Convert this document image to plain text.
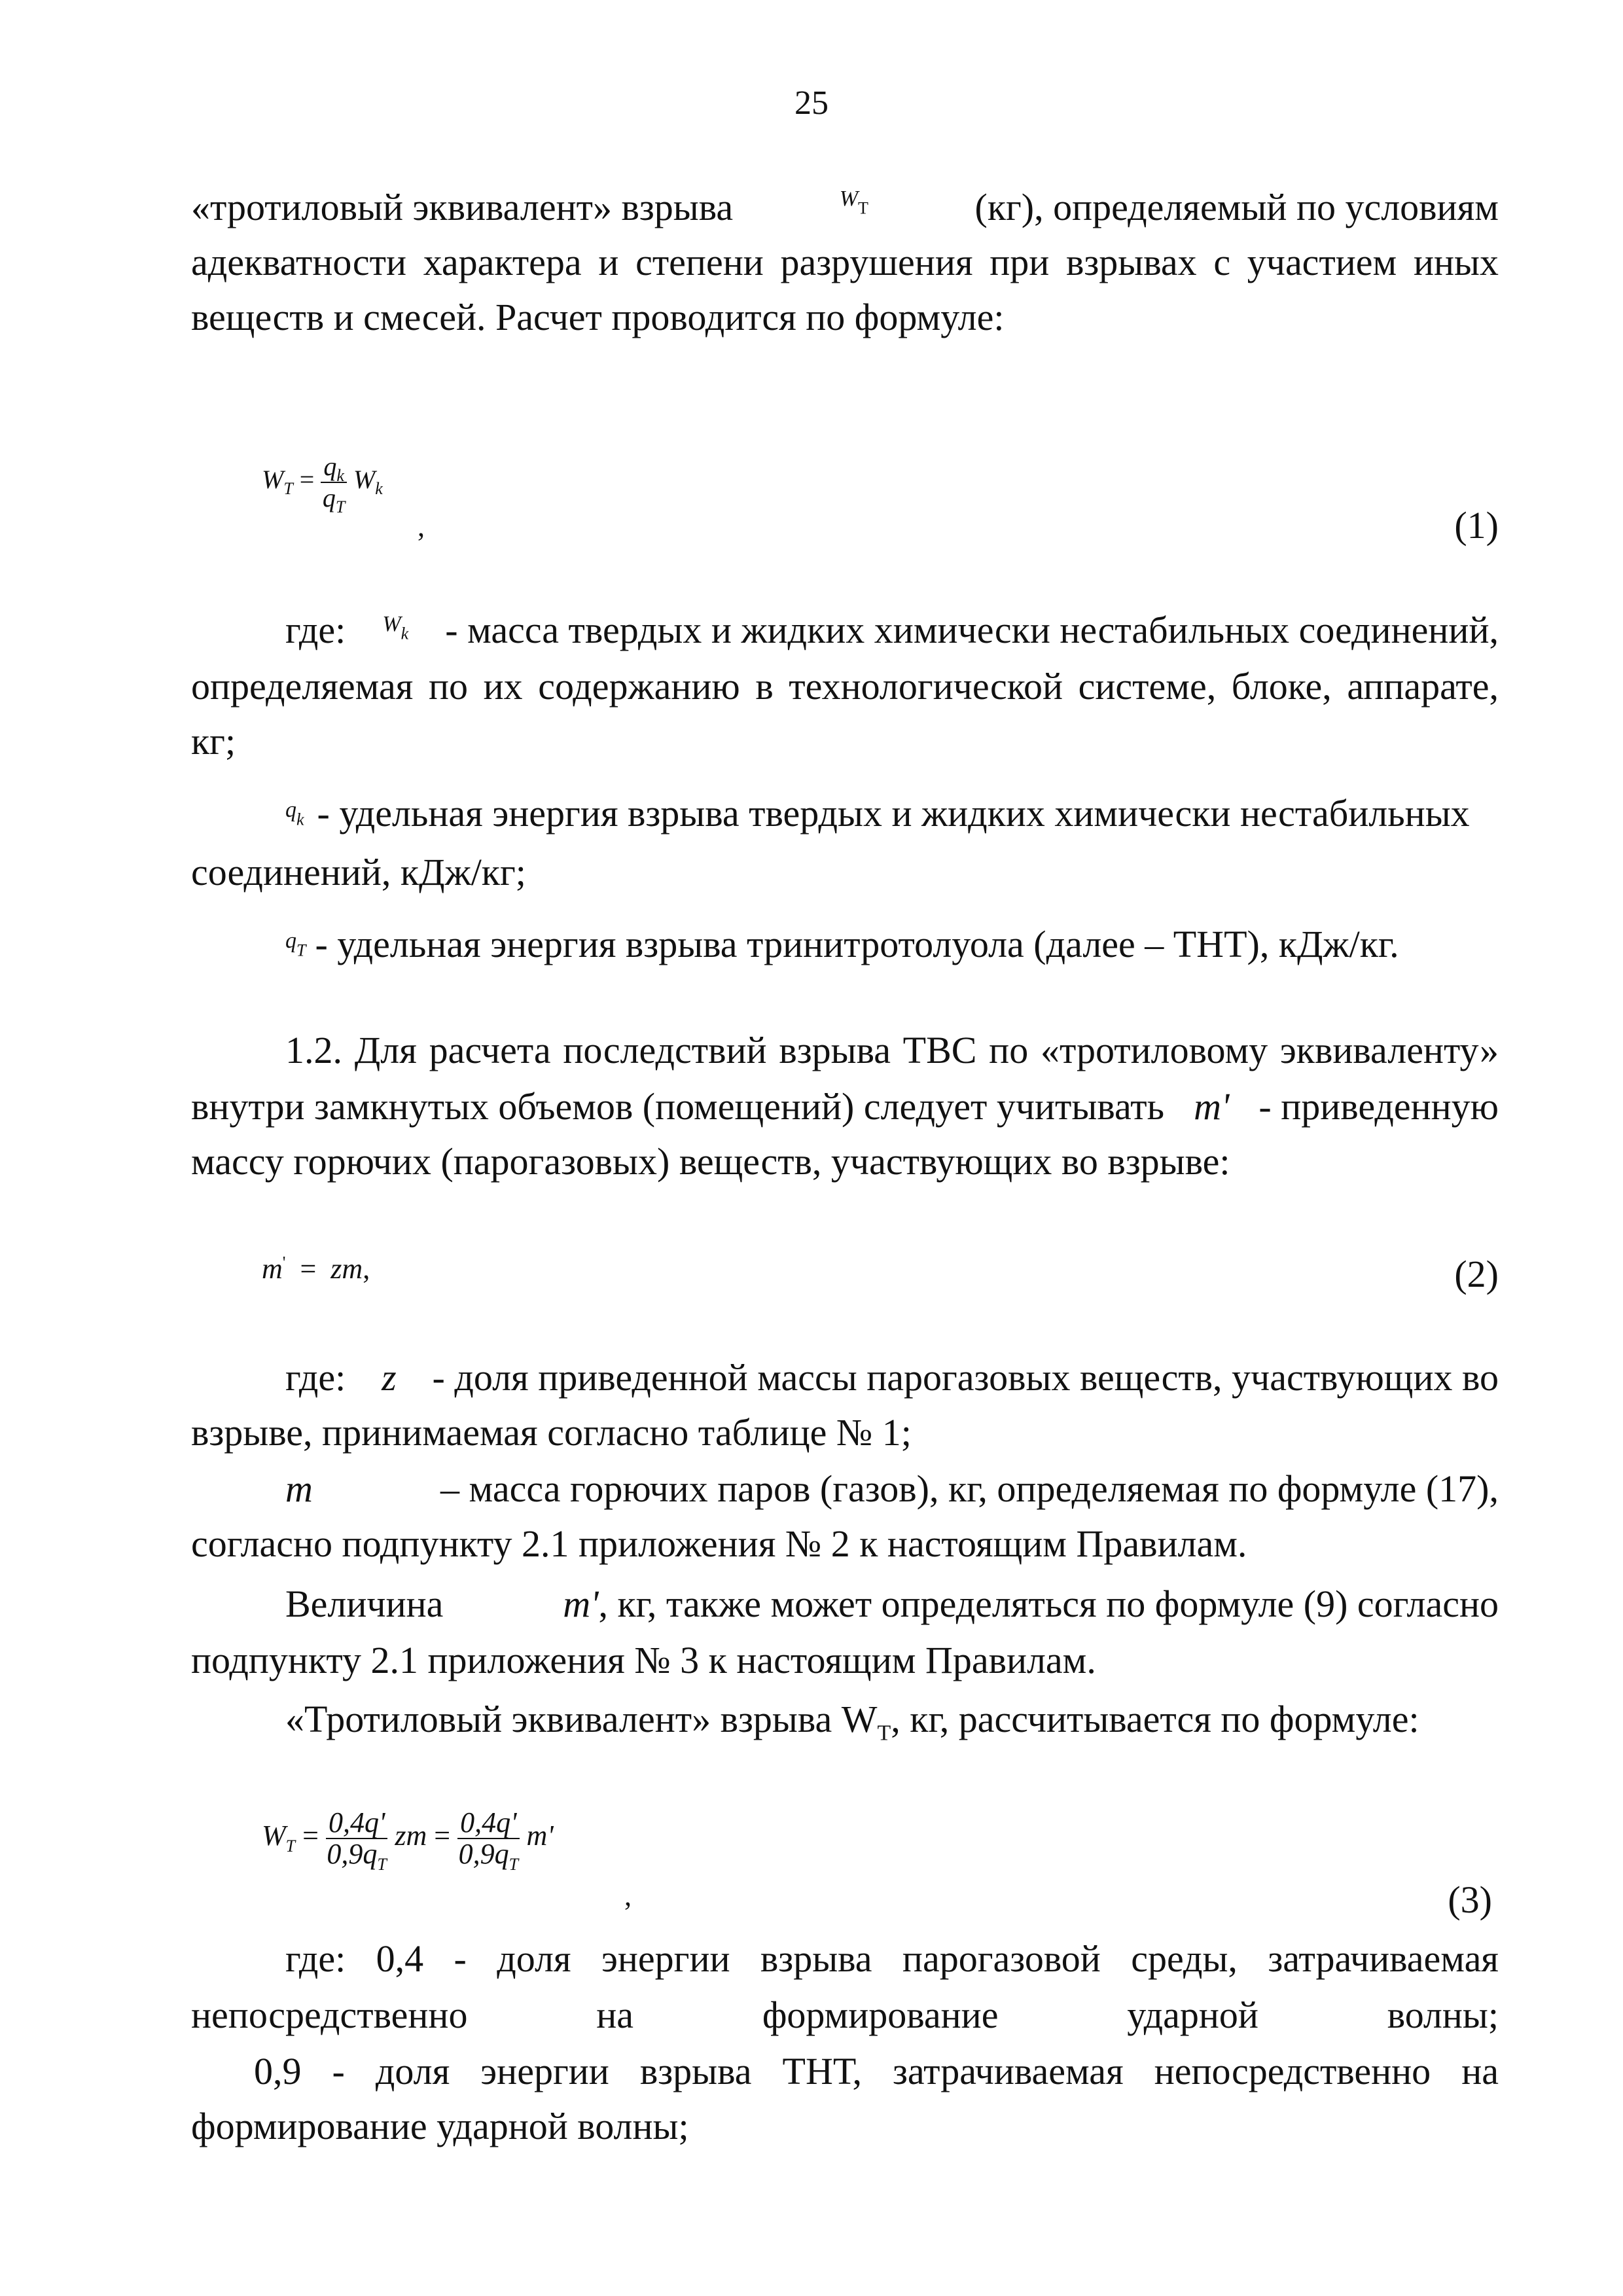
25
«тротиловый эквивалент» взрыва	$W_Т$	(кг), определяемый по условиям
адекватности характера и степени разрушения при взрывах с участием иных
веществ и смесей. Расчет проводится по формуле:
$W_T = \frac{q_k}{q_T} W_k$
,	(1)
где: $W_k$ - масса твердых и жидких химически нестабильных соединений,
определяемая по их содержанию в технологической системе, блоке, аппарате,
кг;
$q_k$ - удельная энергия взрыва твердых и жидких химически нестабильных
соединений, кДж/кг;
$q_T$ - удельная энергия взрыва тринитротолуола (далее – ТНТ), кДж/кг.
1.2. Для расчета последствий взрыва ТВС по «тротиловому эквиваленту»
внутри замкнутых объемов (помещений) следует учитывать m' - приведенную
массу горючих (парогазовых) веществ, участвующих во взрыве:
m' = zm,	(2)
где: z - доля приведенной массы парогазовых веществ, участвующих во
взрыве, принимаемая согласно таблице № 1;
m	– масса горючих паров (газов), кг, определяемая по формуле (17),
согласно подпункту 2.1 приложения № 2 к настоящим Правилам.
Величина	m', кг, также может определяться по формуле (9) согласно
подпункту 2.1 приложения № 3 к настоящим Правилам.
«Тротиловый эквивалент» взрыва $W_Т$, кг, рассчитывается по формуле:
$W_T = \frac{0,4q'}{0,9q_T}$ zm = $\frac{0,4q'}{0,9q_T} m'$
,	(3)
где: 0,4 - доля энергии взрыва парогазовой среды, затрачиваемая
непосредственно на формирование ударной волны;
0,9 - доля энергии взрыва ТНТ, затрачиваемая непосредственно на
формирование ударной волны;
